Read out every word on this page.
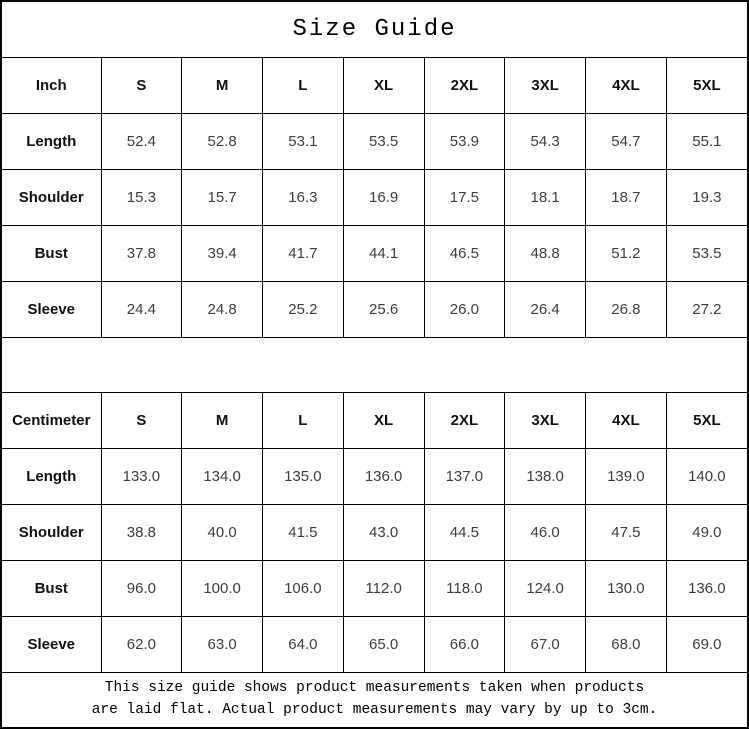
Size Guide
Inch	S	M	L	XL	2XL	3XL	4XL	5XL
Length	52.4	52.8	53.1	53.5	53.9	54.3	54.7	55.1
Shoulder	15.3	15.7	16.3	16.9	17.5	18.1	18.7	19.3
Bust	37.8	39.4	41.7	44.1	46.5	48.8	51.2	53.5
Sleeve	24.4	24.8	25.2	25.6	26.0	26.4	26.8	27.2
Centimeter	S	M	L	XL	2XL	3XL	4XL	5XL
Length	133.0	134.0	135.0	136.0	137.0	138.0	139.0	140.0
Shoulder	38.8	40.0	41.5	43.0	44.5	46.0	47.5	49.0
Bust	96.0	100.0	106.0	112.0	118.0	124.0	130.0	136.0
Sleeve	62.0	63.0	64.0	65.0	66.0	67.0	68.0	69.0
This size guide shows product measurements taken when products
are laid flat. Actual product measurements may vary by up to 3cm.
